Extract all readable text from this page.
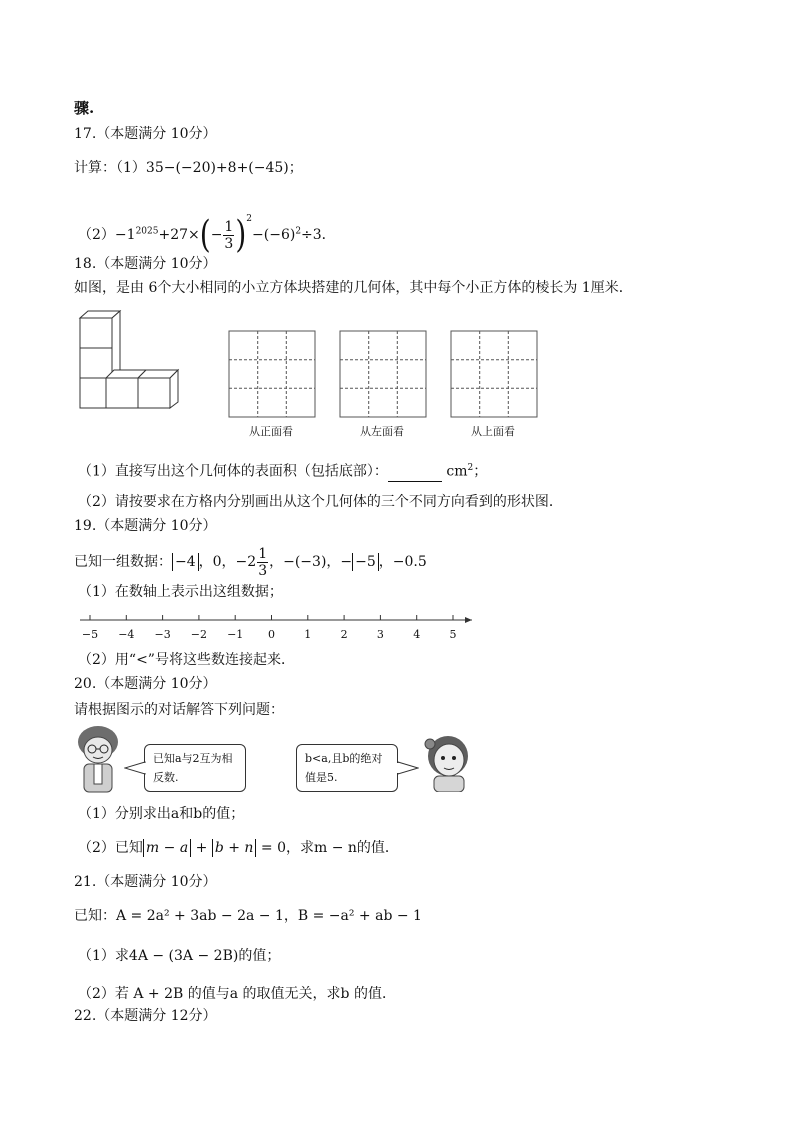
骤.
17.（本题满分 10分）
计算：（1）35−(−20)+8+(−45)；
$(2)-1^{2025}+27\times(- \frac{1}{3} )^2-(-6)^2\div 3$．
18.（本题满分 10分）
如图，是由 6个大小相同的小立方体块搭建的几何体，其中每个小正方体的棱长为 1厘米．
从正面看	从左面看	从上面看
（1）直接写出这个几何体的表面积（包括底部）：	$cm^2$；
（2）请按要求在方格内分别画出从这个几何体的三个不同方向看到的形状图．
19.（本题满分 10分）
已知一组数据： −4 ，0，$-2 \frac{1}{3}$ ，−(−3)，− −5 ，−0.5
（1）在数轴上表示出这组数据；
−5 −4 −3 −2 −1 0	1	2	3	4	5
（2）用“<”号将这些数连接起来．
20.（本题满分 10分）
请根据图示的对话解答下列问题：
已知a与2互为相
反数.
b<a,且b的绝对
值是5.
（1）分别求出a和b的值；
（2）已知 m − a + b + n = 0，求m − n的值．
21.（本题满分 10分）
已知：A = 2a² + 3ab − 2a − 1，B = −a² + ab − 1
（1）求4A − (3A − 2B)的值；
（2）若 A + 2B 的值与a 的取值无关，求b 的值．
22.（本题满分 12分）
